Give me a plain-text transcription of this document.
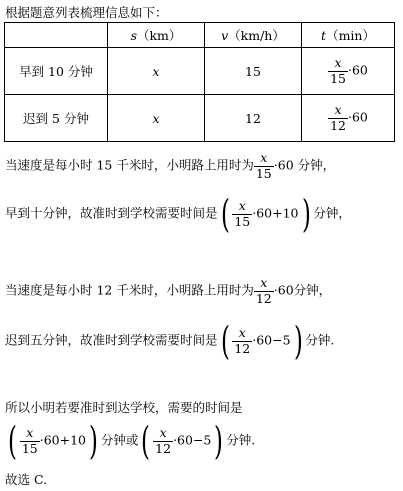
根据题意列表梳理信息如下：
	s（km）	v（km/h）	t（min）
早到 10 分钟	x	15	$\frac{x}{15} \cdot 60$
迟到 5 分钟	x	12	$\frac{x}{12} \cdot 60$
当速度是每小时 15 千米时，小明路上用时为 $\frac{x}{15} \cdot 60$ 分钟，
早到十分钟，故准时到学校需要时间是( $\frac{x}{15} \cdot 60+10$) 分钟，
当速度是每小时 12 千米时，小明路上用时为 $\frac{x}{12} \cdot 60$分钟，
迟到五分钟，故准时到学校需要时间是( $\frac{x}{12} \cdot 60-5$) 分钟.
所以小明若要准时到达学校，需要的时间是
( $\frac{x}{15} \cdot 60+10$) 分钟或( $\frac{x}{12} \cdot 60-5$) 分钟.
故选 C.
